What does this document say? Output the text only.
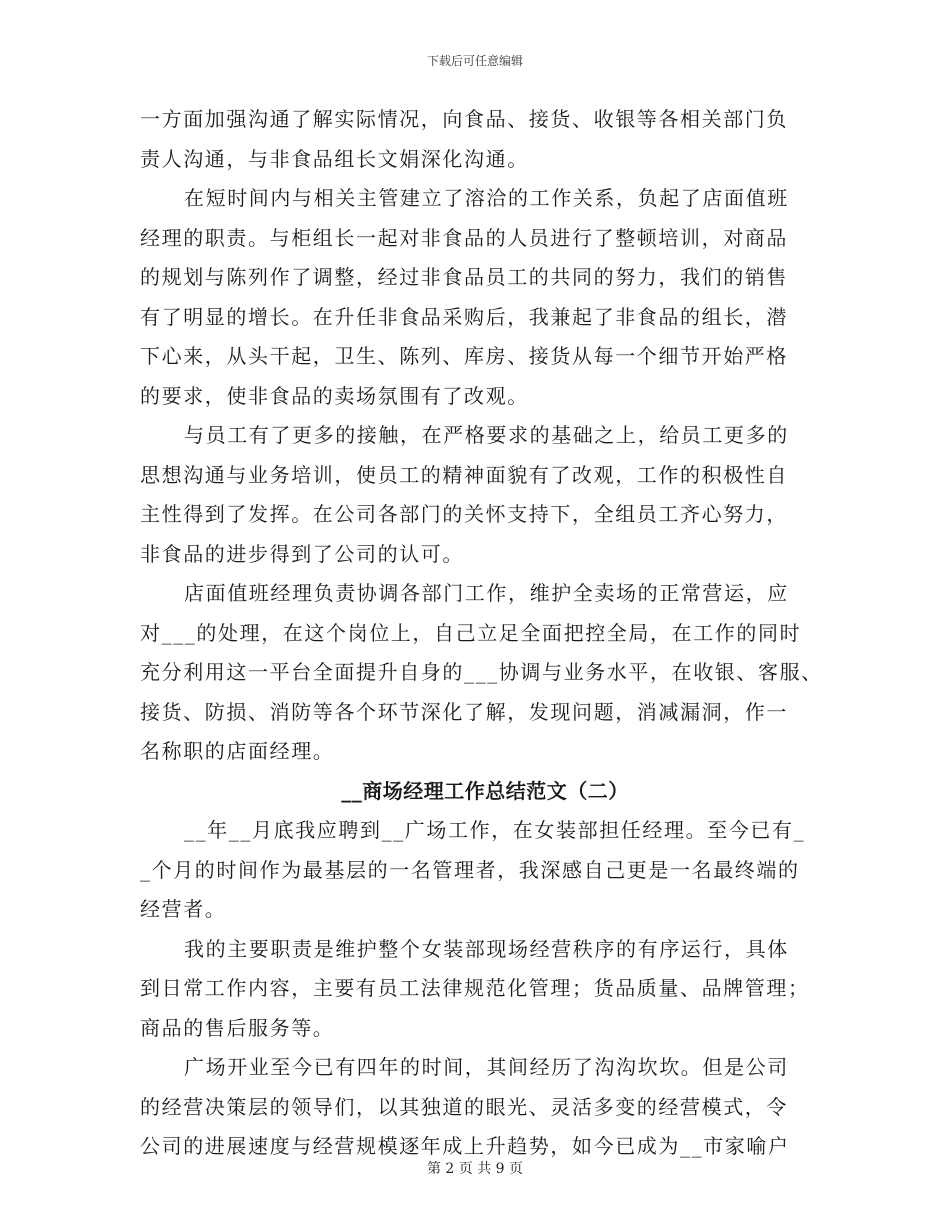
下载后可任意编辑
一方面加强沟通了解实际情况，向食品、接货、收银等各相关部门负
责人沟通，与非食品组长文娟深化沟通。
在短时间内与相关主管建立了溶洽的工作关系，负起了店面值班
经理的职责。与柜组长一起对非食品的人员进行了整顿培训，对商品
的规划与陈列作了调整，经过非食品员工的共同的努力，我们的销售
有了明显的增长。在升任非食品采购后，我兼起了非食品的组长，潜
下心来，从头干起，卫生、陈列、库房、接货从每一个细节开始严格
的要求，使非食品的卖场氛围有了改观。
与员工有了更多的接触，在严格要求的基础之上，给员工更多的
思想沟通与业务培训，使员工的精神面貌有了改观，工作的积极性自
主性得到了发挥。在公司各部门的关怀支持下，全组员工齐心努力，
非食品的进步得到了公司的认可。
店面值班经理负责协调各部门工作，维护全卖场的正常营运，应
对___的处理，在这个岗位上，自己立足全面把控全局，在工作的同时
充分利用这一平台全面提升自身的___协调与业务水平，在收银、客服、
接货、防损、消防等各个环节深化了解，发现问题，消减漏洞，作一
名称职的店面经理。
__商场经理工作总结范文（二）
__年__月底我应聘到__广场工作，在女装部担任经理。至今已有_
_个月的时间作为最基层的一名管理者，我深感自己更是一名最终端的
经营者。
我的主要职责是维护整个女装部现场经营秩序的有序运行，具体
到日常工作内容，主要有员工法律规范化管理；货品质量、品牌管理；
商品的售后服务等。
广场开业至今已有四年的时间，其间经历了沟沟坎坎。但是公司
的经营决策层的领导们，以其独道的眼光、灵活多变的经营模式，令
公司的进展速度与经营规模逐年成上升趋势，如今已成为__市家喻户
第 2 页 共 9 页
